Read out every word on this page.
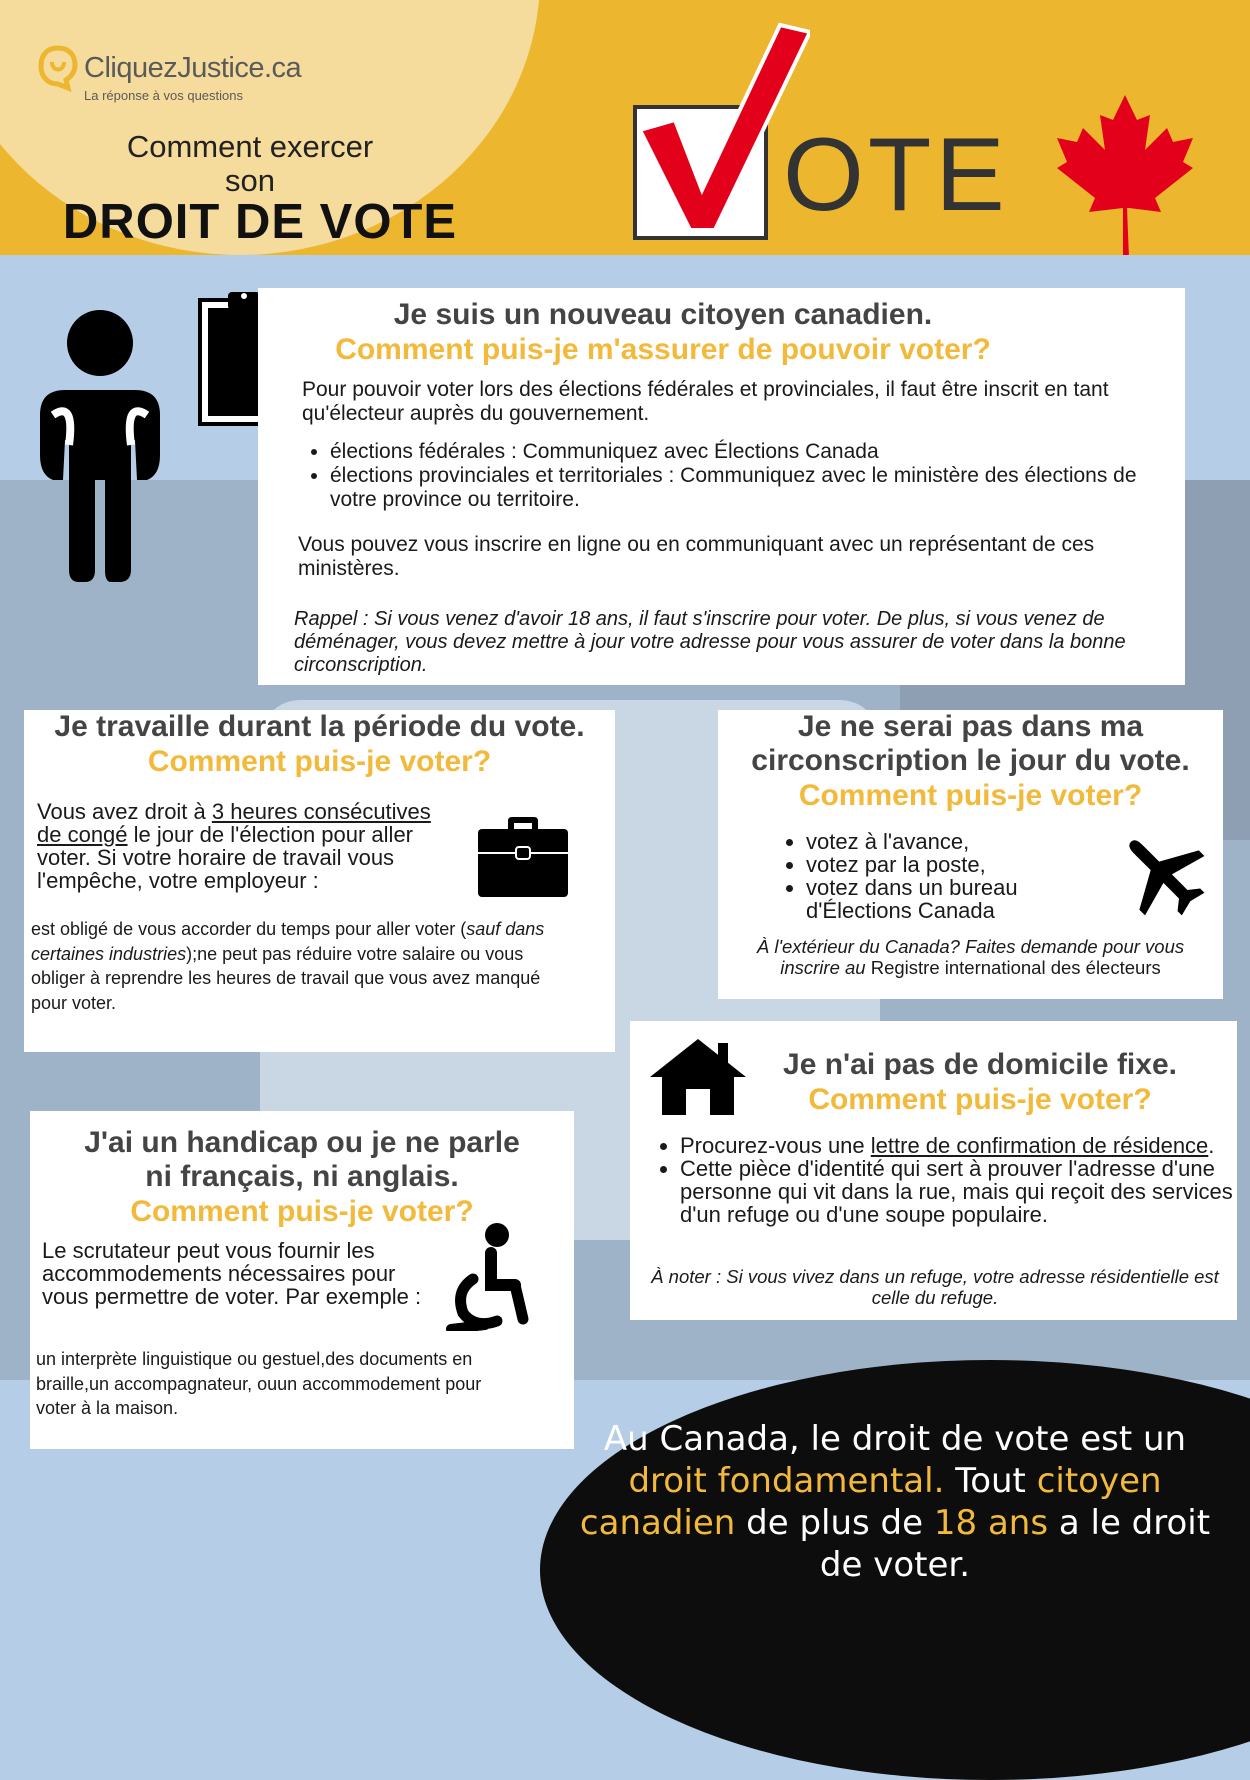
CliquezJustice.ca
La réponse à vos questions
Comment exercer
son
DROIT DE VOTE	OTE
Je suis un nouveau citoyen canadien.
Comment puis-je m'assurer de pouvoir voter?
Pour pouvoir voter lors des élections fédérales et provinciales, il faut être inscrit en tant qu'électeur auprès du gouvernement.
• élections fédérales : Communiquez avec Élections Canada
• élections provinciales et territoriales : Communiquez avec le ministère des élections de votre province ou territoire.
Vous pouvez vous inscrire en ligne ou en communiquant avec un représentant de ces ministères.
Rappel : Si vous venez d'avoir 18 ans, il faut s'inscrire pour voter. De plus, si vous venez de déménager, vous devez mettre à jour votre adresse pour vous assurer de voter dans la bonne circonscription.
Je travaille durant la période du vote.
Comment puis-je voter?
Vous avez droit à 3 heures consécutives de congé le jour de l'élection pour aller voter. Si votre horaire de travail vous l'empêche, votre employeur :
est obligé de vous accorder du temps pour aller voter (sauf dans certaines industries);ne peut pas réduire votre salaire ou vous obliger à reprendre les heures de travail que vous avez manqué pour voter.
Je ne serai pas dans ma circonscription le jour du vote.
Comment puis-je voter?
• votez à l'avance,
• votez par la poste,
• votez dans un bureau d'Élections Canada
À l'extérieur du Canada? Faites demande pour vous inscrire au Registre international des électeurs
Je n'ai pas de domicile fixe.
Comment puis-je voter?
• Procurez-vous une lettre de confirmation de résidence.
• Cette pièce d'identité qui sert à prouver l'adresse d'une personne qui vit dans la rue, mais qui reçoit des services d'un refuge ou d'une soupe populaire.
À noter : Si vous vivez dans un refuge, votre adresse résidentielle est celle du refuge.
J'ai un handicap ou je ne parle ni français, ni anglais.
Comment puis-je voter?
Le scrutateur peut vous fournir les accommodements nécessaires pour vous permettre de voter. Par exemple :
un interprète linguistique ou gestuel,des documents en braille,un accompagnateur, ouun accommodement pour voter à la maison.
Au Canada, le droit de vote est un droit fondamental. Tout citoyen canadien de plus de 18 ans a le droit de voter.
